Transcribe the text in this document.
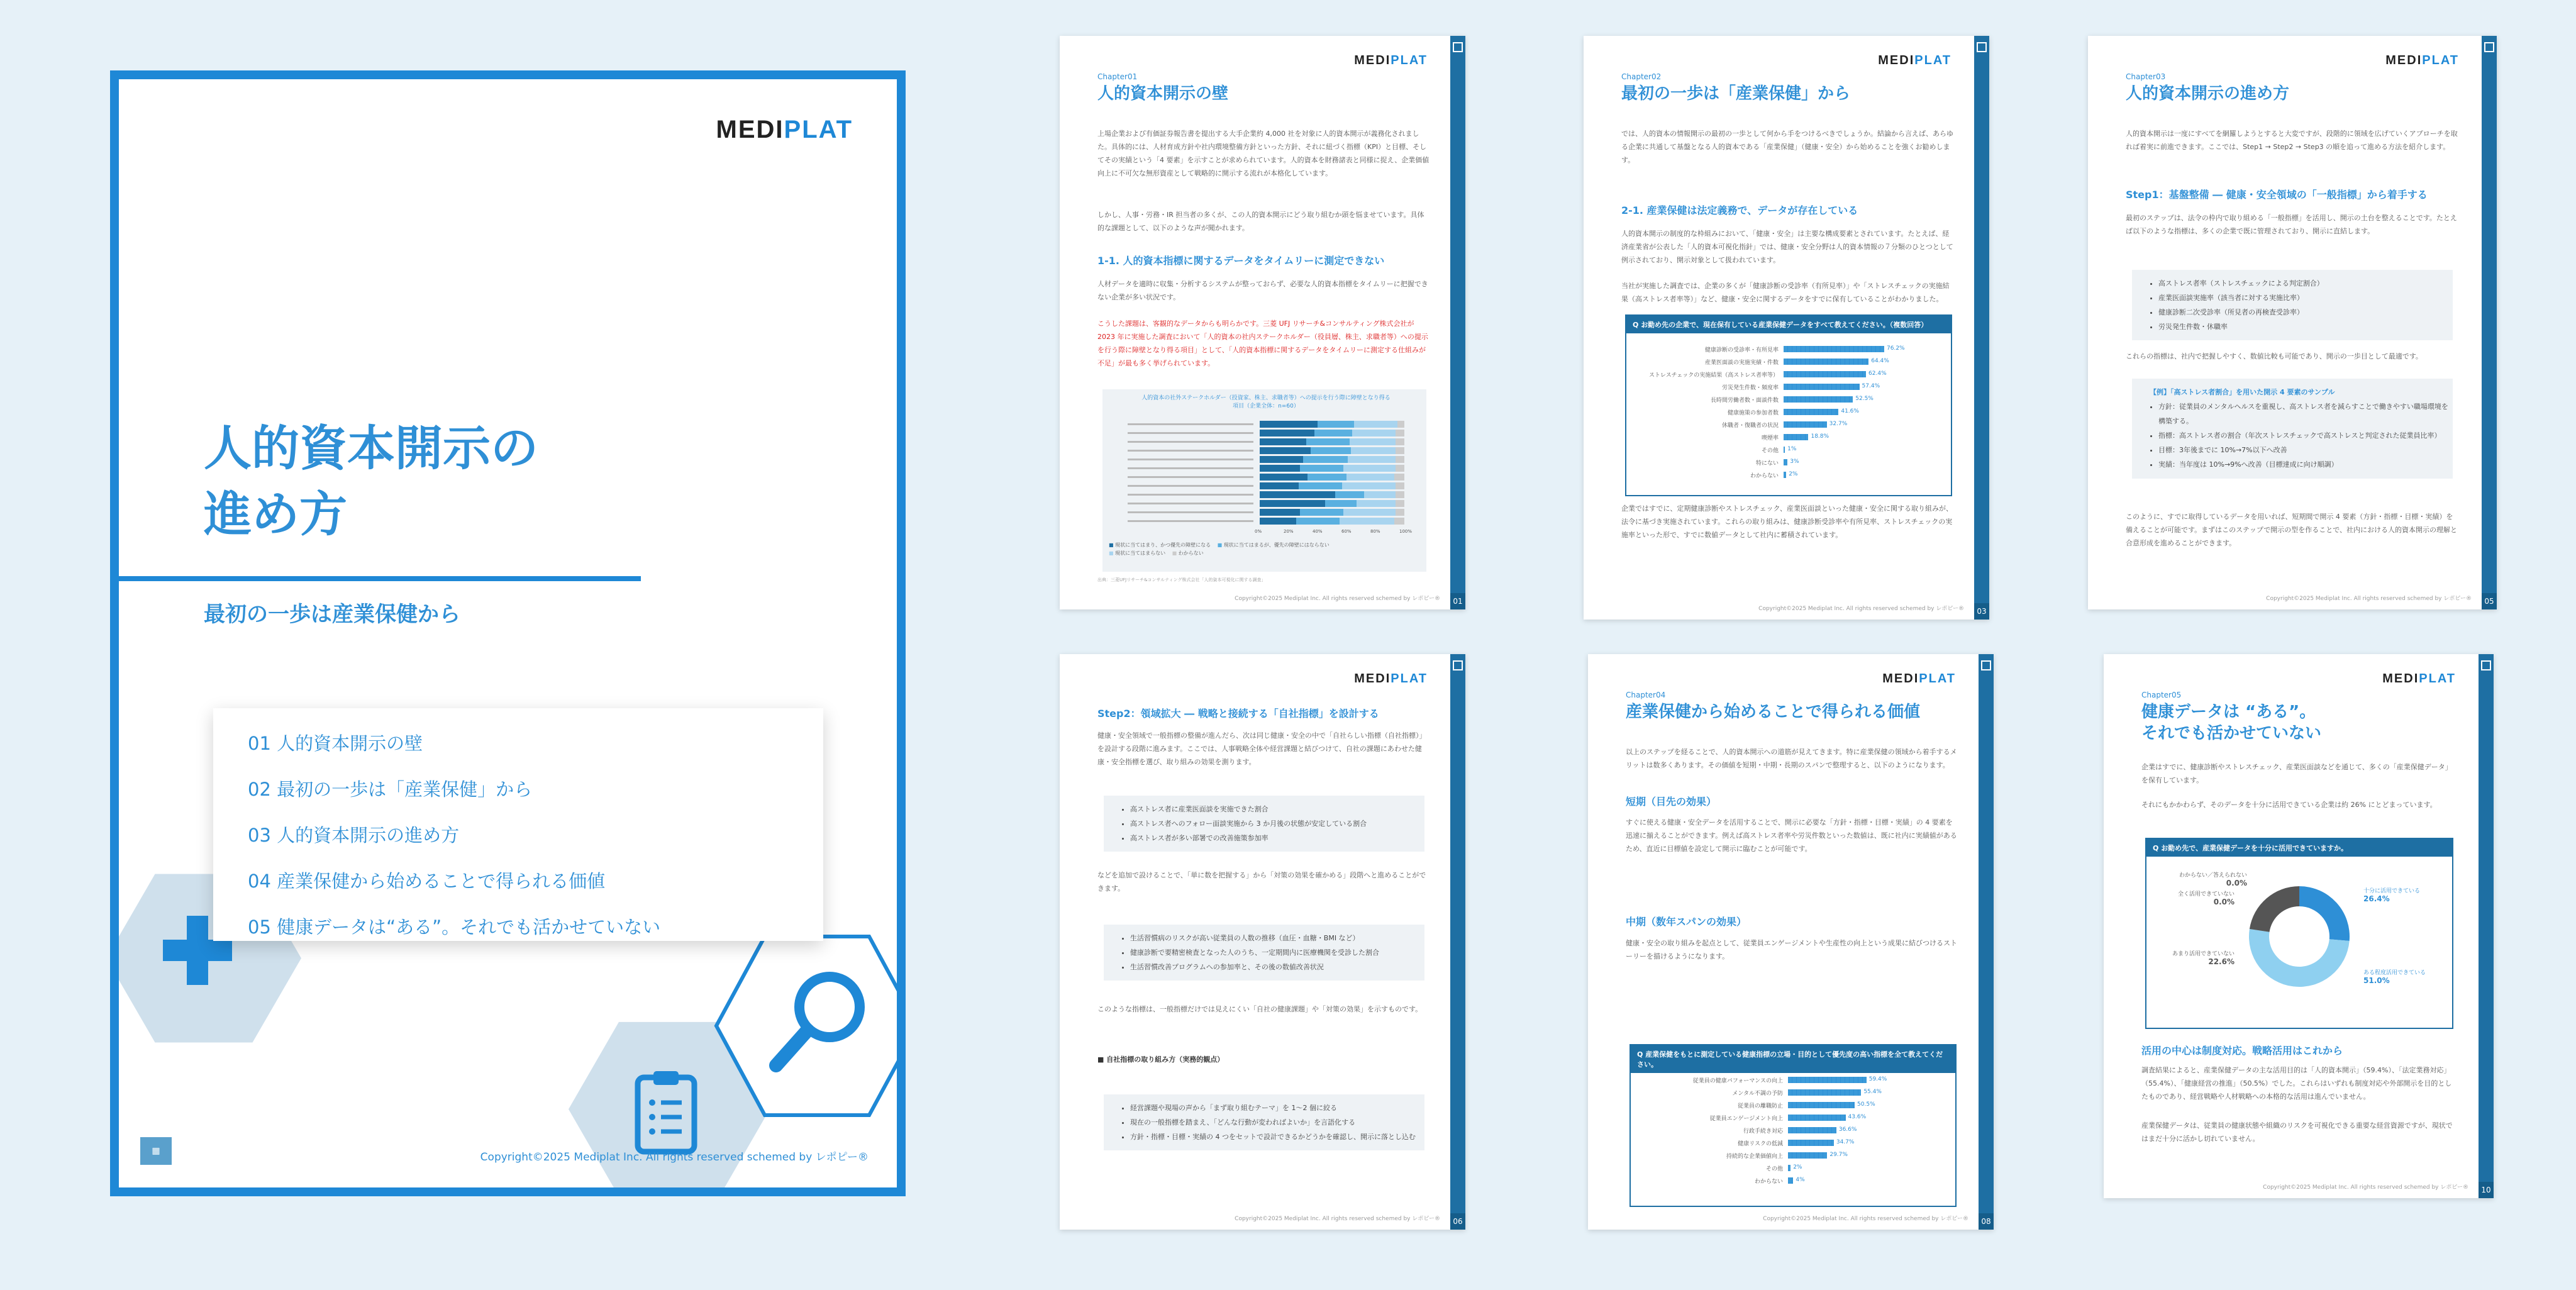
MEDIPLAT
人的資本開示の
進め方
最初の一歩は産業保健から
01 人的資本開示の壁
02 最初の一歩は「産業保健」から
03 人的資本開示の進め方
04 産業保健から始めることで得られる価値
05 健康データは“ある”。それでも活かせていない
▦	Copyright©2025 Mediplat Inc. All rights reserved schemed by レポピー®
01
MEDIPLAT
Chapter01
人的資本開示の壁
上場企業および有価証券報告書を提出する大手企業約 4,000 社を対象に人的資本開示が義務化されました。具体的には、人材育成方針や社内環境整備方針といった方針、それに紐づく指標（KPI）と目標、そしてその実績という「4 要素」を示すことが求められています。人的資本を財務諸表と同様に捉え、企業価値向上に不可欠な無形資産として戦略的に開示する流れが本格化しています。
しかし、人事・労務・IR 担当者の多くが、この人的資本開示にどう取り組むか頭を悩ませています。具体的な課題として、以下のような声が聞かれます。
1-1. 人的資本指標に関するデータをタイムリーに測定できない
人材データを適時に収集・分析するシステムが整っておらず、必要な人的資本指標をタイムリーに把握できない企業が多い状況です。
こうした課題は、客観的なデータからも明らかです。三菱 UFJ リサーチ&コンサルティング株式会社が 2023 年に実施した調査において「人的資本の社内ステークホルダー（役員層、株主、求職者等）への提示を行う際に障壁となり得る項目」として、「人的資本指標に関するデータをタイムリーに測定する仕組みが不足」が最も多く挙げられています。
人的資本の社外ステークホルダー（投資家、株主、求職者等）への提示を行う際に障壁となり得る項目（企業全体：n=60）
0%	20%	40%	60%	80%	100%
■ 現状に当てはまり、かつ優先の障壁になる　 ■ 現状に当てはまるが、優先の障壁にはならない
■ 現状に当てはまらない　 ■ わからない
出典：三菱UFJリサーチ&コンサルティング株式会社「人的資本可視化に関する調査」
Copyright©2025 Mediplat Inc. All rights reserved schemed by レポピー®
03
MEDIPLAT
Chapter02
最初の一歩は「産業保健」から
では、人的資本の情報開示の最初の一歩として何から手をつけるべきでしょうか。結論から言えば、あらゆる企業に共通して基盤となる人的資本である「産業保健」（健康・安全）から始めることを強くお勧めします。
2-1. 産業保健は法定義務で、データが存在している
人的資本開示の制度的な枠組みにおいて、「健康・安全」は主要な構成要素とされています。たとえば、経済産業省が公表した「人的資本可視化指針」では、健康・安全分野は人的資本情報の７分類のひとつとして例示されており、開示対象として扱われています。
当社が実施した調査では、企業の多くが「健康診断の受診率（有所見率）」や「ストレスチェックの実施結果（高ストレス者率等）」など、健康・安全に関するデータをすでに保有していることがわかりました。
Q お勤め先の企業で、現在保有している産業保健データをすべて教えてください。（複数回答）
健康診断の受診率・有所見率	76.2%
産業医面談の実施実績・件数	64.4%
ストレスチェックの実施結果（高ストレス者率等）	62.4%
労災発生件数・頻度率	57.4%
長時間労働者数・面談件数	52.5%
健康施策の参加者数	41.6%
休職者・復職者の状況	32.7%
喫煙率	18.8%
その他 1%
特にない 3%
わからない 2%
企業ではすでに、定期健康診断やストレスチェック、産業医面談といった健康・安全に関する取り組みが、法令に基づき実施されています。これらの取り組みは、健康診断受診率や有所見率、ストレスチェックの実施率といった形で、すでに数値データとして社内に蓄積されています。
Copyright©2025 Mediplat Inc. All rights reserved schemed by レポピー®
05
MEDIPLAT
Chapter03
人的資本開示の進め方
人的資本開示は一度にすべてを網羅しようとすると大変ですが、段階的に領域を広げていくアプローチを取れば着実に前進できます。ここでは、Step1 → Step2 → Step3 の順を追って進める方法を紹介します。
Step1：基盤整備 ― 健康・安全領域の「一般指標」から着手する
最初のステップは、法令の枠内で取り組める「一般指標」を活用し、開示の土台を整えることです。たとえば以下のような指標は、多くの企業で既に管理されており、開示に直結します。
• 高ストレス者率（ストレスチェックによる判定割合）
• 産業医面談実施率（該当者に対する実施比率）
• 健康診断二次受診率（所見者の再検査受診率）
• 労災発生件数・休職率
これらの指標は、社内で把握しやすく、数値比較も可能であり、開示の一歩目として最適です。
【例】「高ストレス者割合」を用いた開示 4 要素のサンプル
• 方針：従業員のメンタルヘルスを重視し、高ストレス者を減らすことで働きやすい職場環境を構築する。
• 指標：高ストレス者の割合（年次ストレスチェックで高ストレスと判定された従業員比率）
• 目標：3年後までに 10%→7%以下へ改善
• 実績：当年度は 10%→9%へ改善（目標達成に向け順調）
このように、すでに取得しているデータを用いれば、短期間で開示 4 要素（方針・指標・目標・実績）を備えることが可能です。まずはこのステップで開示の型を作ることで、社内における人的資本開示の理解と合意形成を進めることができます。
Copyright©2025 Mediplat Inc. All rights reserved schemed by レポピー®
06
MEDIPLAT
Step2：領域拡大 ― 戦略と接続する「自社指標」を設計する
健康・安全領域で一般指標の整備が進んだら、次は同じ健康・安全の中で「自社らしい指標（自社指標）」を設計する段階に進みます。ここでは、人事戦略全体や経営課題と結びつけて、自社の課題にあわせた健康・安全指標を選び、取り組みの効果を測ります。
• 高ストレス者に産業医面談を実施できた割合
• 高ストレス者へのフォロー面談実施から 3 か月後の状態が安定している割合
• 高ストレス者が多い部署での改善施策参加率
などを追加で設けることで、「単に数を把握する」から「対策の効果を確かめる」段階へと進めることができます。
• 生活習慣病のリスクが高い従業員の人数の推移（血圧・血糖・BMI など）
• 健康診断で要精密検査となった人のうち、一定期間内に医療機関を受診した割合
• 生活習慣改善プログラムへの参加率と、その後の数値改善状況
このような指標は、一般指標だけでは見えにくい「自社の健康課題」や「対策の効果」を示すものです。
■ 自社指標の取り組み方（実務的観点）
• 経営課題や現場の声から「まず取り組むテーマ」を 1〜2 個に絞る
• 現在の一般指標を踏まえ、「どんな行動が変わればよいか」を言語化する
• 方針・指標・目標・実績の 4 つをセットで設計できるかどうかを確認し、開示に落とし込む
Copyright©2025 Mediplat Inc. All rights reserved schemed by レポピー®	08
MEDIPLAT
Chapter04
産業保健から始めることで得られる価値
以上のステップを経ることで、人的資本開示への道筋が見えてきます。特に産業保健の領域から着手するメリットは数多くあります。その価値を短期・中期・長期のスパンで整理すると、以下のようになります。
短期（目先の効果）
すぐに使える健康・安全データを活用することで、開示に必要な「方針・指標・目標・実績」の 4 要素を迅速に揃えることができます。例えば高ストレス者率や労災件数といった数値は、既に社内に実績値があるため、直近に目標値を設定して開示に臨むことが可能です。
中期（数年スパンの効果）
健康・安全の取り組みを起点として、従業員エンゲージメントや生産性の向上という成果に結びつけるストーリーを描けるようになります。
Q 産業保健をもとに測定している健康指標の立場・目的として優先度の高い指標を全て教えてください。
従業員の健康パフォーマンスの向上	59.4%
メンタル不調の予防	55.4%
従業員の離職防止	50.5%
従業員エンゲージメント向上	43.6%
行政手続き対応	36.6%
健康リスクの低減	34.7%
持続的な企業価値向上	29.7%
その他 2%
わからない 4%
Copyright©2025 Mediplat Inc. All rights reserved schemed by レポピー®
10
MEDIPLAT
Chapter05
健康データは “ある”。
それでも活かせていない
企業はすでに、健康診断やストレスチェック、産業医面談などを通じて、多くの「産業保健データ」を保有しています。
それにもかかわらず、そのデータを十分に活用できている企業は約 26% にとどまっています。
Q お勤め先で、産業保健データを十分に活用できていますか。
十分に活用できている
26.4%
ある程度活用できている
51.0%
あまり活用できていない
22.6%
全く活用できていない
0.0%
わからない／答えられない
0.0%
活用の中心は制度対応。戦略活用はこれから
調査結果によると、産業保健データの主な活用目的は「人的資本開示」（59.4%）、「法定業務対応」（55.4%）、「健康経営の推進」（50.5%）でした。これらはいずれも制度対応や外部開示を目的としたものであり、経営戦略や人材戦略への本格的な活用は進んでいません。
産業保健データは、従業員の健康状態や組織のリスクを可視化できる重要な経営資源ですが、現状ではまだ十分に活かし切れていません。
Copyright©2025 Mediplat Inc. All rights reserved schemed by レポピー®
